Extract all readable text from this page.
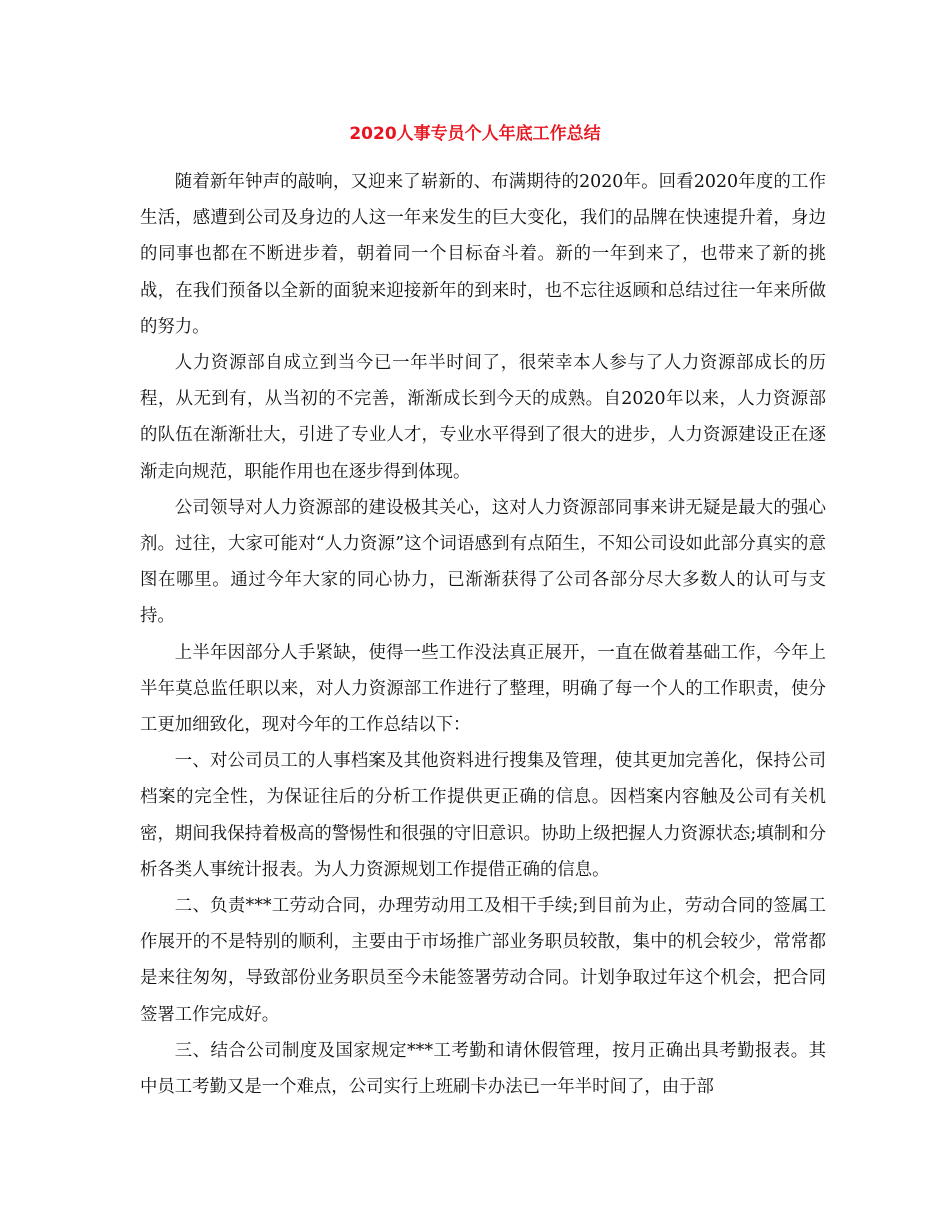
2020人事专员个人年底工作总结

随着新年钟声的敲响，又迎来了崭新的、布满期待的2020年。回看2020年度的工作生活，感遭到公司及身边的人这一年来发生的巨大变化，我们的品牌在快速提升着，身边的同事也都在不断进步着，朝着同一个目标奋斗着。新的一年到来了，也带来了新的挑战，在我们预备以全新的面貌来迎接新年的到来时，也不忘往返顾和总结过往一年来所做的努力。

人力资源部自成立到当今已一年半时间了，很荣幸本人参与了人力资源部成长的历程，从无到有，从当初的不完善，渐渐成长到今天的成熟。自2020年以来，人力资源部的队伍在渐渐壮大，引进了专业人才，专业水平得到了很大的进步，人力资源建设正在逐渐走向规范，职能作用也在逐步得到体现。

公司领导对人力资源部的建设极其关心，这对人力资源部同事来讲无疑是最大的强心剂。过往，大家可能对“人力资源”这个词语感到有点陌生，不知公司设如此部分真实的意图在哪里。通过今年大家的同心协力，已渐渐获得了公司各部分尽大多数人的认可与支持。

上半年因部分人手紧缺，使得一些工作没法真正展开，一直在做着基础工作，今年上半年莫总监任职以来，对人力资源部工作进行了整理，明确了每一个人的工作职责，使分工更加细致化，现对今年的工作总结以下：

一、对公司员工的人事档案及其他资料进行搜集及管理，使其更加完善化，保持公司档案的完全性，为保证往后的分析工作提供更正确的信息。因档案内容触及公司有关机密，期间我保持着极高的警惕性和很强的守旧意识。协助上级把握人力资源状态;填制和分析各类人事统计报表。为人力资源规划工作提借正确的信息。

二、负责***工劳动合同，办理劳动用工及相干手续;到目前为止，劳动合同的签属工作展开的不是特别的顺利，主要由于市场推广部业务职员较散，集中的机会较少，常常都是来往匆匆，导致部份业务职员至今未能签署劳动合同。计划争取过年这个机会，把合同签署工作完成好。

三、结合公司制度及国家规定***工考勤和请休假管理，按月正确出具考勤报表。其中员工考勤又是一个难点，公司实行上班刷卡办法已一年半时间了，由于部
